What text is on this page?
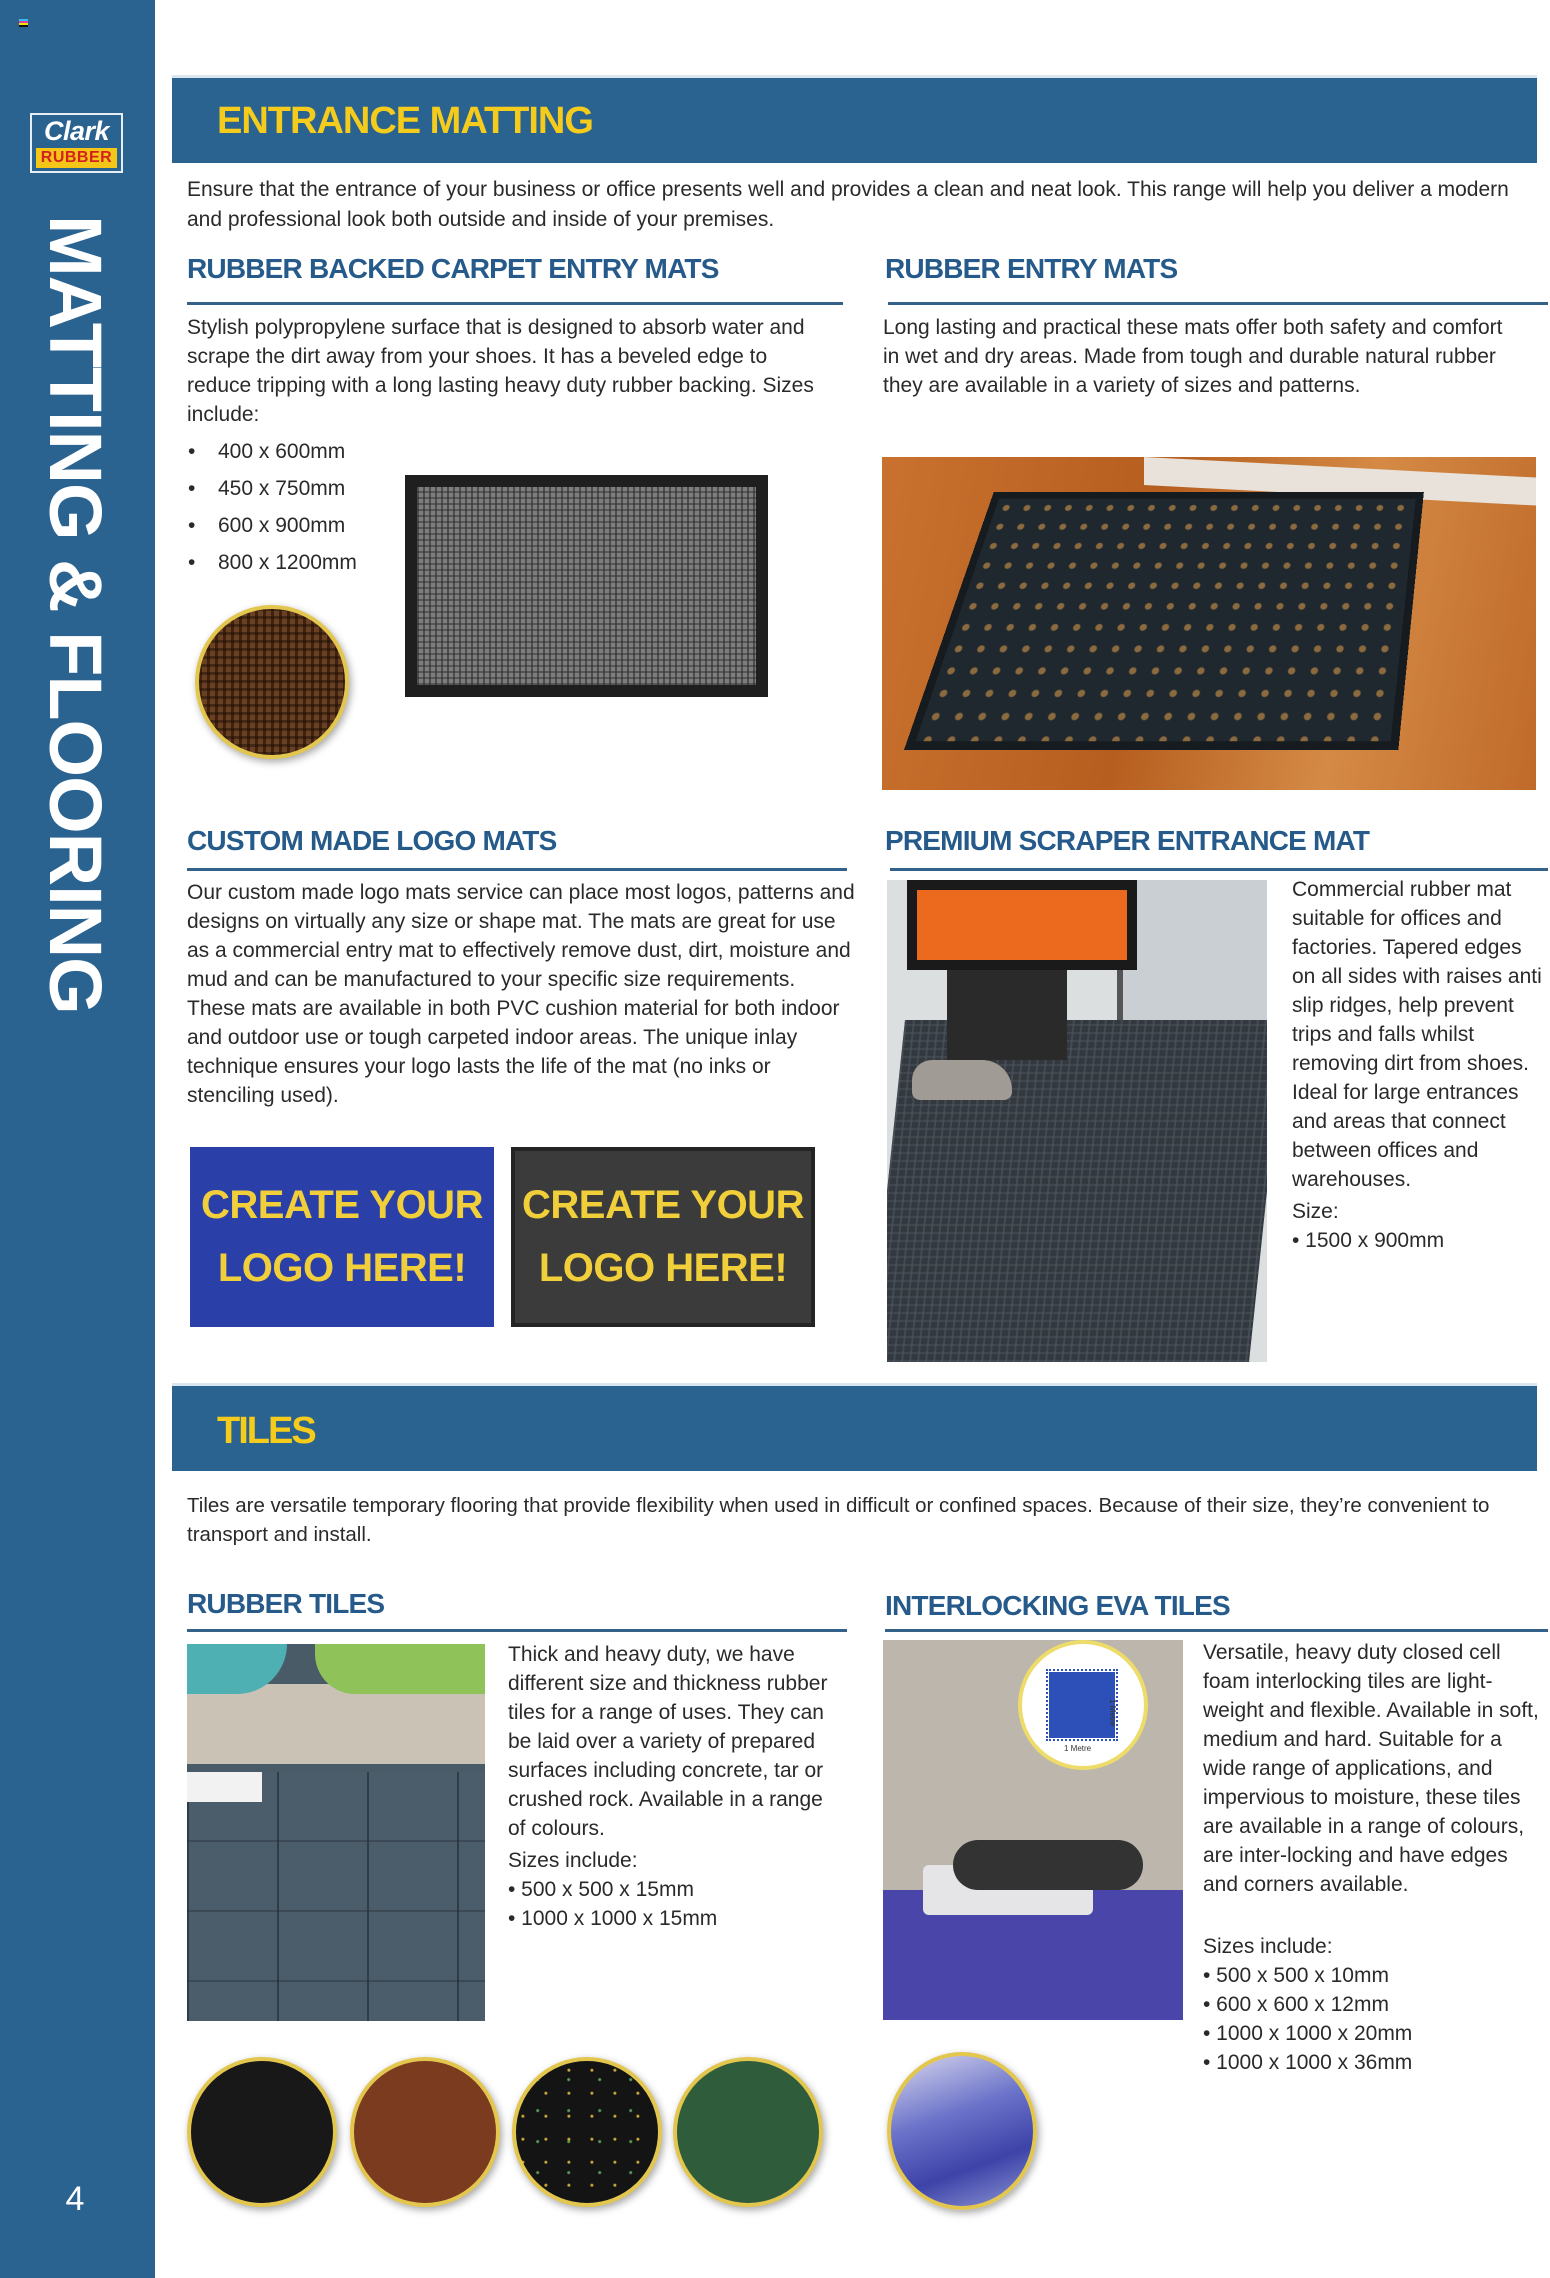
Clark
RUBBER
MATTING & FLOORING
4
ENTRANCE MATTING

Ensure that the entrance of your business or office presents well and provides a clean and neat look. This range will help you deliver a modern and professional look both outside and inside of your premises.

RUBBER BACKED CARPET ENTRY MATS

Stylish polypropylene surface that is designed to absorb water and scrape the dirt away from your shoes. It has a beveled edge to reduce tripping with a long lasting heavy duty rubber backing. Sizes include:

• 400 x 600mm
• 450 x 750mm
• 600 x 900mm
• 800 x 1200mm
RUBBER ENTRY MATS

Long lasting and practical these mats offer both safety and comfort in wet and dry areas. Made from tough and durable natural rubber they are available in a variety of sizes and patterns.

CUSTOM MADE LOGO MATS

Our custom made logo mats service can place most logos, patterns and designs on virtually any size or shape mat. The mats are great for use as a commercial entry mat to effectively remove dust, dirt, moisture and mud and can be manufactured to your specific size requirements. These mats are available in both PVC cushion material for both indoor and outdoor use or tough carpeted indoor areas. The unique inlay technique ensures your logo lasts the life of the mat (no inks or stenciling used).

CREATE YOUR
LOGO HERE!
CREATE YOUR
LOGO HERE!
PREMIUM SCRAPER ENTRANCE MAT

Commercial rubber mat suitable for offices and factories. Tapered edges on all sides with raises anti slip ridges, help prevent trips and falls whilst removing dirt from shoes. Ideal for large entrances and areas that connect between offices and warehouses.

Size:

• 1500 x 900mm
TILES

Tiles are versatile temporary flooring that provide flexibility when used in difficult or confined spaces. Because of their size, they’re convenient to transport and install.

RUBBER TILES

Thick and heavy duty, we have different size and thickness rubber tiles for a range of uses. They can be laid over a variety of prepared surfaces including concrete, tar or crushed rock. Available in a range of colours.

Sizes include:

• 500 x 500 x 15mm
• 1000 x 1000 x 15mm
INTERLOCKING EVA TILES
1 Metre
1 Metre

Versatile, heavy duty closed cell foam interlocking tiles are light-weight and flexible. Available in soft, medium and hard. Suitable for a wide range of applications, and impervious to moisture, these tiles are available in a range of colours, are inter-locking and have edges and corners available.

Sizes include:

• 500 x 500 x 10mm
• 600 x 600 x 12mm
• 1000 x 1000 x 20mm
• 1000 x 1000 x 36mm
